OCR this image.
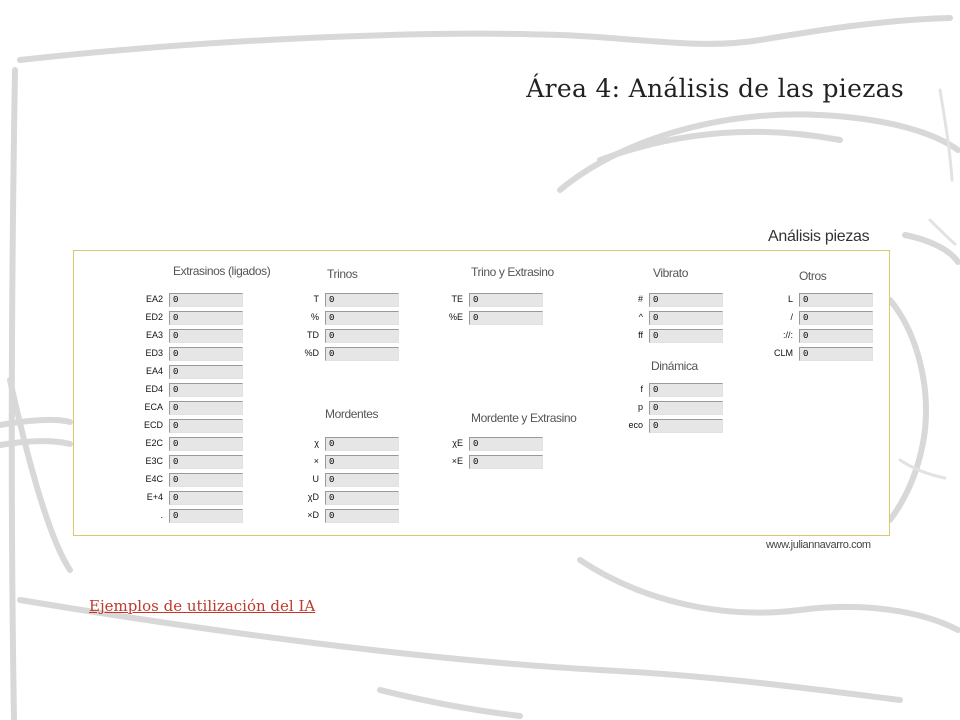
Área 4: Análisis de las piezas
Análisis piezas
Extrasinos (ligados)	Trinos	Trino y Extrasino	Vibrato	Otros
Mordentes	Mordente y Extrasino
Dinámica
EA2	0
ED2	0
EA3	0
ED3	0
EA4	0
ED4	0
ECA	0
ECD	0
E2C	0
E3C	0
E4C	0
E+4	0
.	0
T	0
%	0
TD	0
%D	0
χ	0
×	0
U	0
χD	0
×D	0
TE	0
%E	0
χE	0
×E	0
#	0
^	0
ff	0
f	0
p	0
eco	0
L	0
/	0
://:	0
CLM	0
www.juliannavarro.com
Ejemplos de utilización del IA
